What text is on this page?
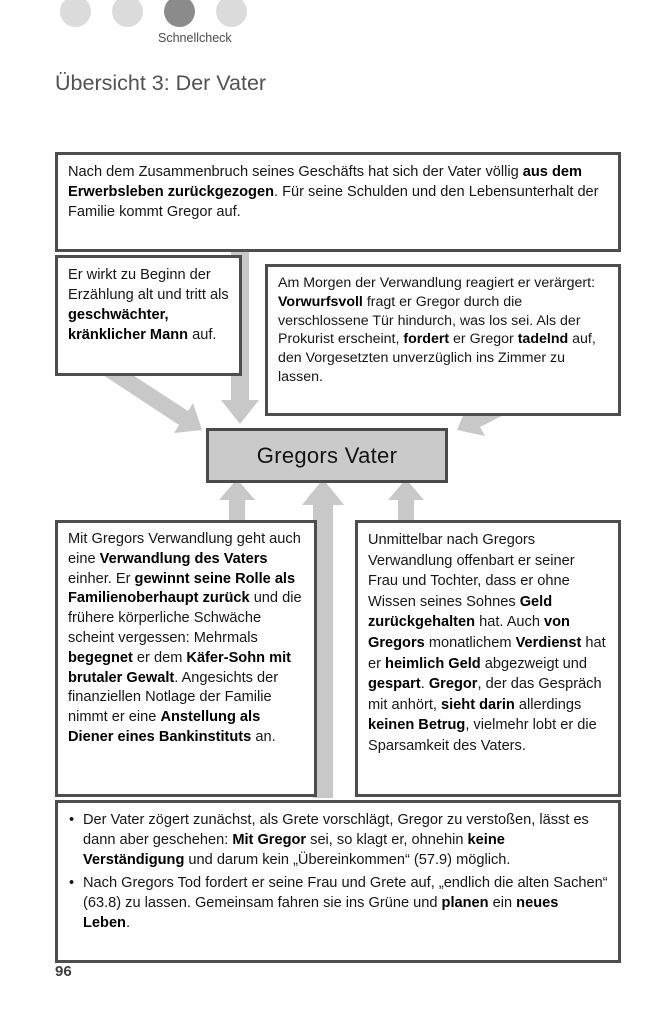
Schnellcheck
Übersicht 3: Der Vater
Nach dem Zusammenbruch seines Geschäfts hat sich der Vater völlig aus dem Erwerbsleben zurückgezogen. Für seine Schulden und den Lebensunterhalt der Familie kommt Gregor auf.
Er wirkt zu Beginn der Erzählung alt und tritt als geschwächter, kränklicher Mann auf.
Am Morgen der Verwandlung reagiert er verärgert: Vorwurfsvoll fragt er Gregor durch die verschlossene Tür hindurch, was los sei. Als der Prokurist erscheint, fordert er Gregor tadelnd auf, den Vorgesetzten unverzüglich ins Zimmer zu lassen.
Gregors Vater
Mit Gregors Verwandlung geht auch eine Verwandlung des Vaters einher. Er gewinnt seine Rolle als Familienoberhaupt zurück und die frühere körperliche Schwäche scheint vergessen: Mehrmals begegnet er dem Käfer-Sohn mit brutaler Gewalt. Angesichts der finanziellen Notlage der Familie nimmt er eine Anstellung als Diener eines Bankinstituts an.
Unmittelbar nach Gregors Verwandlung offenbart er seiner Frau und Tochter, dass er ohne Wissen seines Sohnes Geld zurückgehalten hat. Auch von Gregors monatlichem Verdienst hat er heimlich Geld abgezweigt und gespart. Gregor, der das Gespräch mit anhört, sieht darin allerdings keinen Betrug, vielmehr lobt er die Sparsamkeit des Vaters.
• Der Vater zögert zunächst, als Grete vorschlägt, Gregor zu verstoßen, lässt es dann aber geschehen: Mit Gregor sei, so klagt er, ohnehin keine Verständigung und darum kein „Übereinkommen“ (57.9) möglich.
• Nach Gregors Tod fordert er seine Frau und Grete auf, „endlich die alten Sachen“ (63.8) zu lassen. Gemeinsam fahren sie ins Grüne und planen ein neues Leben.
96
